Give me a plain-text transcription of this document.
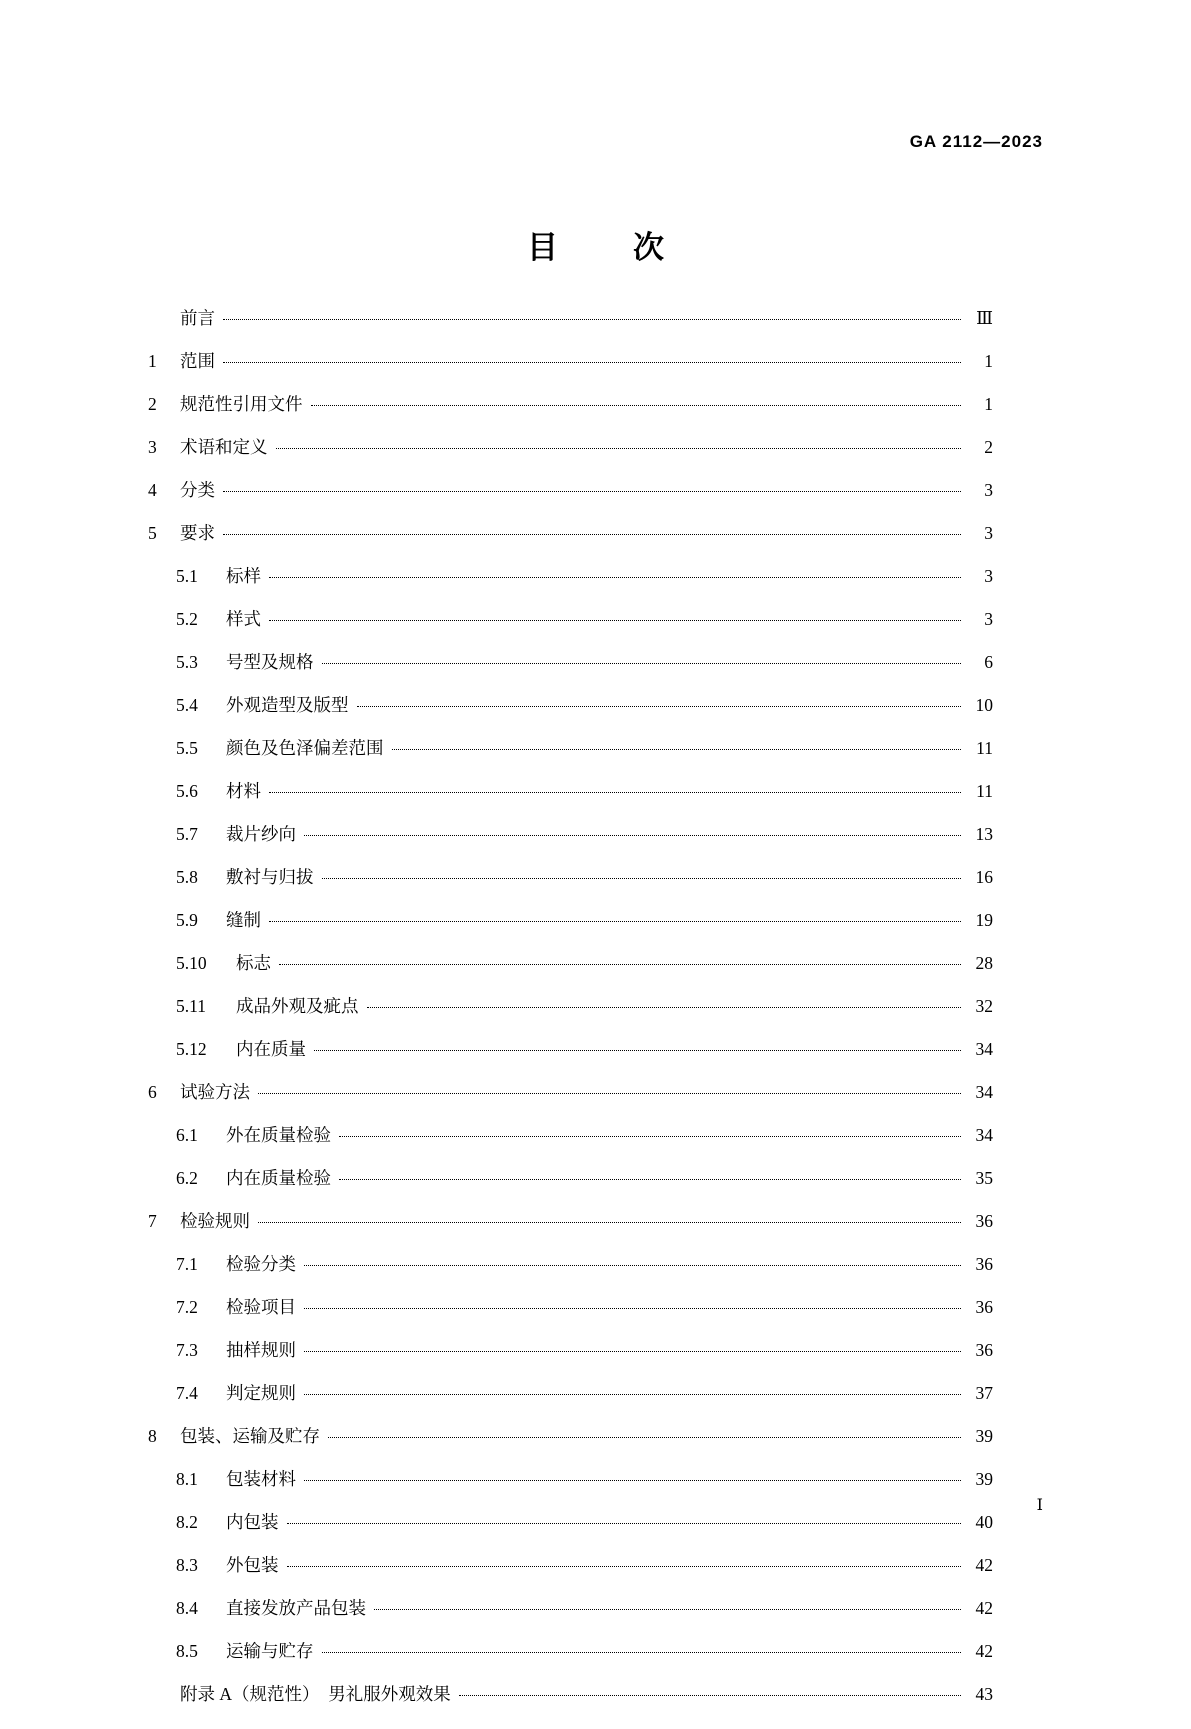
GA 2112—2023
目　次
前言	Ⅲ
1	范围	1
2	规范性引用文件	1
3	术语和定义	2
4	分类	3
5	要求	3
5.1	标样	3
5.2	样式	3
5.3	号型及规格	6
5.4	外观造型及版型	10
5.5	颜色及色泽偏差范围	11
5.6	材料	11
5.7	裁片纱向	13
5.8	敷衬与归拔	16
5.9	缝制	19
5.10	标志	28
5.11	成品外观及疵点	32
5.12	内在质量	34
6	试验方法	34
6.1	外在质量检验	34
6.2	内在质量检验	35
7	检验规则	36
7.1	检验分类	36
7.2	检验项目	36
7.3	抽样规则	36
7.4	判定规则	37
8	包装、运输及贮存	39
8.1	包装材料	39
8.2	内包装	40
8.3	外包装	42
8.4	直接发放产品包装	42
8.5	运输与贮存	42
附录 A（规范性）　男礼服外观效果	43
Ⅰ
